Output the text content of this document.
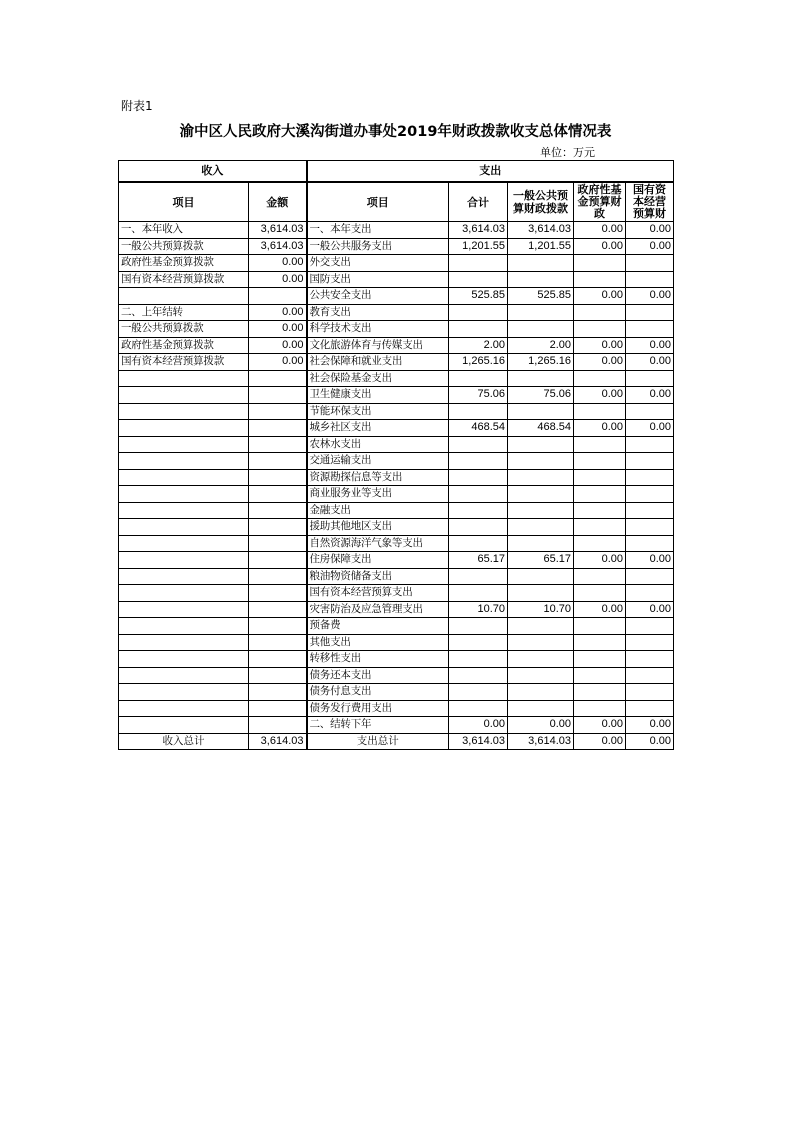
附表1
渝中区人民政府大溪沟街道办事处2019年财政拨款收支总体情况表
单位：万元
收入		支出				
项目	金额	项目	合计	一般公共预算财政拨款	政府性基金预算财政	国有资本经营预算财
一、本年收入	3,614.03	一、本年支出	3,614.03	3,614.03	0.00	0.00
一般公共预算拨款	3,614.03	一般公共服务支出	1,201.55	1,201.55	0.00	0.00
政府性基金预算拨款	0.00	外交支出				
国有资本经营预算拨款	0.00	国防支出				
		公共安全支出	525.85	525.85	0.00	0.00
二、上年结转	0.00	教育支出				
一般公共预算拨款	0.00	科学技术支出				
政府性基金预算拨款	0.00	文化旅游体育与传媒支出	2.00	2.00	0.00	0.00
国有资本经营预算拨款	0.00	社会保障和就业支出	1,265.16	1,265.16	0.00	0.00
		社会保险基金支出				
		卫生健康支出	75.06	75.06	0.00	0.00
		节能环保支出				
		城乡社区支出	468.54	468.54	0.00	0.00
		农林水支出				
		交通运输支出				
		资源勘探信息等支出				
		商业服务业等支出				
		金融支出				
		援助其他地区支出				
		自然资源海洋气象等支出				
		住房保障支出	65.17	65.17	0.00	0.00
		粮油物资储备支出				
		国有资本经营预算支出				
		灾害防治及应急管理支出	10.70	10.70	0.00	0.00
		预备费				
		其他支出				
		转移性支出				
		债务还本支出				
		债务付息支出				
		债务发行费用支出				
		二、结转下年	0.00	0.00	0.00	0.00
收入总计	3,614.03	支出总计	3,614.03	3,614.03	0.00	0.00
